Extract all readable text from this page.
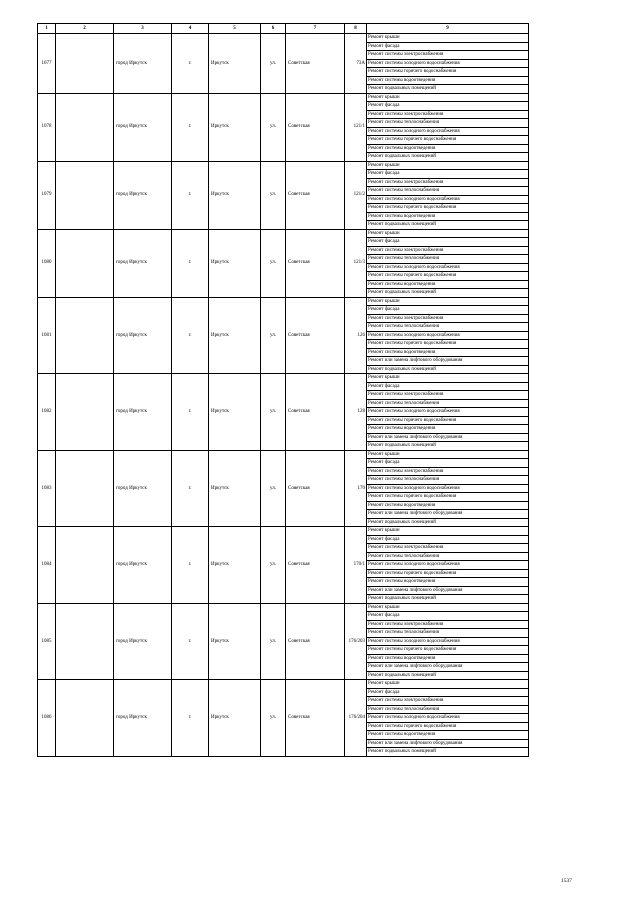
1	2	3	4	5	6	7	8	9
1077		город Иркутск	г.	Иркутск	ул.	Советская	73А	Ремонт крыши
								Ремонт фасада
								Ремонт системы электроснабжения
								Ремонт системы холодного водоснабжения
								Ремонт системы горячего водоснабжения
								Ремонт системы водоотведения
								Ремонт подвальных помещений
1078		город Иркутск	г.	Иркутск	ул.	Советская	121/1	Ремонт крыши
								Ремонт фасада
								Ремонт системы электроснабжения
								Ремонт системы теплоснабжения
								Ремонт системы холодного водоснабжения
								Ремонт системы горячего водоснабжения
								Ремонт системы водоотведения
								Ремонт подвальных помещений
1079		город Иркутск	г.	Иркутск	ул.	Советская	121/2	Ремонт крыши
								Ремонт фасада
								Ремонт системы электроснабжения
								Ремонт системы теплоснабжения
								Ремонт системы холодного водоснабжения
								Ремонт системы горячего водоснабжения
								Ремонт системы водоотведения
								Ремонт подвальных помещений
1080		город Иркутск	г.	Иркутск	ул.	Советская	121/3	Ремонт крыши
								Ремонт фасада
								Ремонт системы электроснабжения
								Ремонт системы теплоснабжения
								Ремонт системы холодного водоснабжения
								Ремонт системы горячего водоснабжения
								Ремонт системы водоотведения
								Ремонт подвальных помещений
1081		город Иркутск	г.	Иркутск	ул.	Советская	126	Ремонт крыши
								Ремонт фасада
								Ремонт системы электроснабжения
								Ремонт системы теплоснабжения
								Ремонт системы холодного водоснабжения
								Ремонт системы горячего водоснабжения
								Ремонт системы водоотведения
								Ремонт или замена лифтового оборудования
								Ремонт подвальных помещений
1082		город Иркутск	г.	Иркутск	ул.	Советская	128	Ремонт крыши
								Ремонт фасада
								Ремонт системы электроснабжения
								Ремонт системы теплоснабжения
								Ремонт системы холодного водоснабжения
								Ремонт системы горячего водоснабжения
								Ремонт системы водоотведения
								Ремонт или замена лифтового оборудования
								Ремонт подвальных помещений
1083		город Иркутск	г.	Иркутск	ул.	Советская	170	Ремонт крыши
								Ремонт фасада
								Ремонт системы электроснабжения
								Ремонт системы теплоснабжения
								Ремонт системы холодного водоснабжения
								Ремонт системы горячего водоснабжения
								Ремонт системы водоотведения
								Ремонт или замена лифтового оборудования
								Ремонт подвальных помещений
1084		город Иркутск	г.	Иркутск	ул.	Советская	170/1	Ремонт крыши
								Ремонт фасада
								Ремонт системы электроснабжения
								Ремонт системы теплоснабжения
								Ремонт системы холодного водоснабжения
								Ремонт системы горячего водоснабжения
								Ремонт системы водоотведения
								Ремонт или замена лифтового оборудования
								Ремонт подвальных помещений
1085		город Иркутск	г.	Иркутск	ул.	Советская	176/203	Ремонт крыши
								Ремонт фасада
								Ремонт системы электроснабжения
								Ремонт системы теплоснабжения
								Ремонт системы холодного водоснабжения
								Ремонт системы горячего водоснабжения
								Ремонт системы водоотведения
								Ремонт или замена лифтового оборудования
								Ремонт подвальных помещений
1086		город Иркутск	г.	Иркутск	ул.	Советская	176/204	Ремонт крыши
								Ремонт фасада
								Ремонт системы электроснабжения
								Ремонт системы теплоснабжения
								Ремонт системы холодного водоснабжения
								Ремонт системы горячего водоснабжения
								Ремонт системы водоотведения
								Ремонт или замена лифтового оборудования
								Ремонт подвальных помещений
1537
